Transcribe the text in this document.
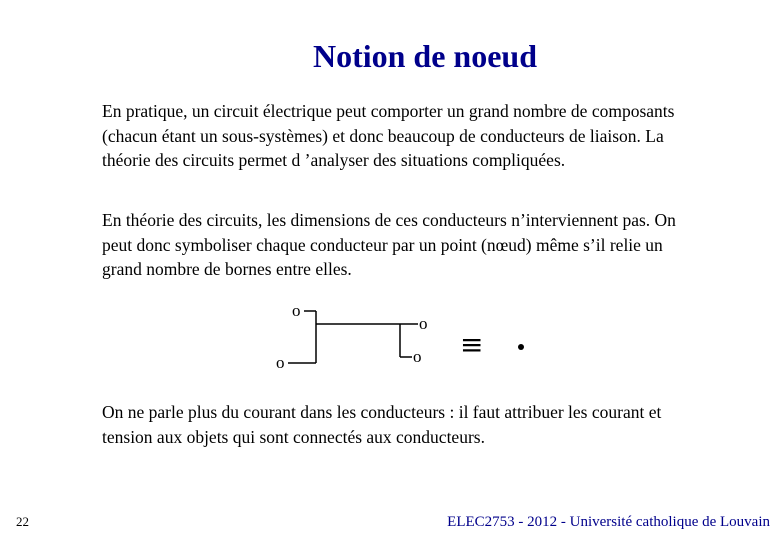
Notion de noeud
En pratique, un circuit électrique peut comporter un grand nombre de composants (chacun étant un sous-systèmes) et donc beaucoup de conducteurs de liaison. La théorie des circuits permet d ’analyser des situations compliquées.
En théorie des circuits, les dimensions de ces conducteurs n’interviennent pas. On peut donc symboliser chaque conducteur par un point (nœud) même s’il relie un grand nombre de bornes entre elles.
o
o
o
o ≡
On ne parle plus du courant dans les conducteurs : il faut attribuer les courant et tension aux objets qui sont connectés aux conducteurs.
22	ELEC2753 - 2012 - Université catholique de Louvain
